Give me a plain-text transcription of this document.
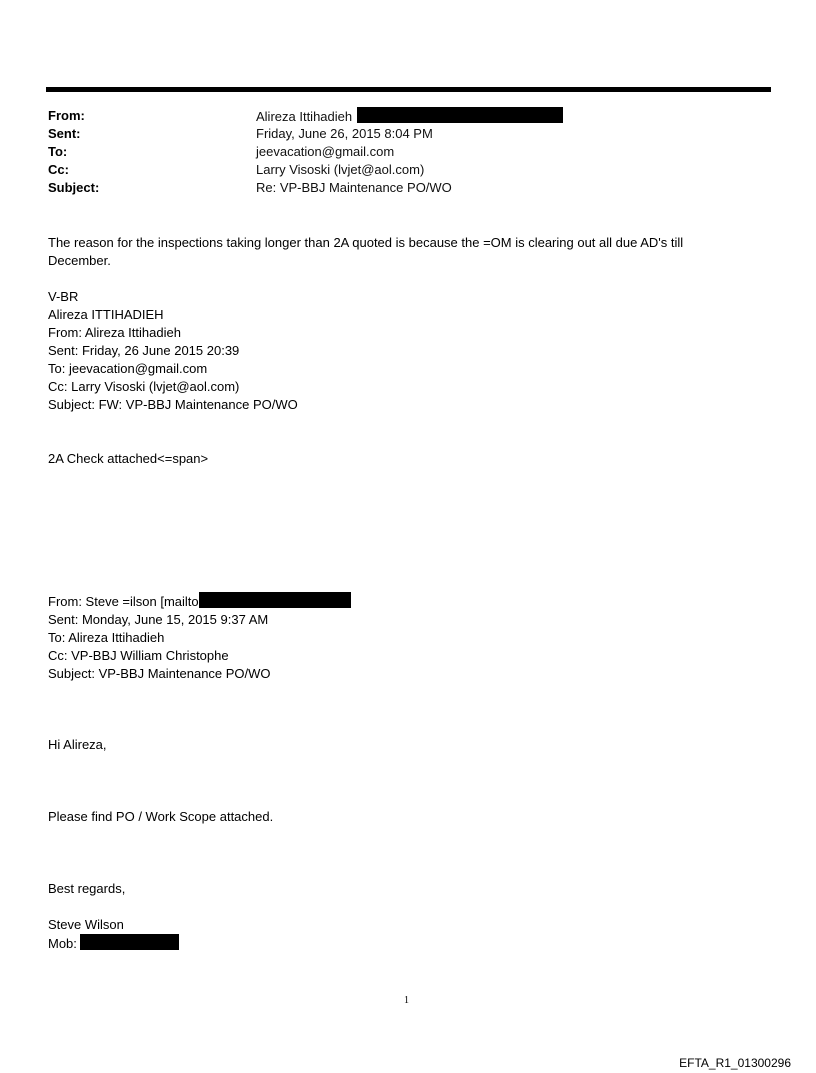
From:	Alireza Ittihadieh
Sent:	Friday, June 26, 2015 8:04 PM
To:	jeevacation@gmail.com
Cc:	Larry Visoski (lvjet@aol.com)
Subject:	Re: VP-BBJ Maintenance PO/WO
The reason for the inspections taking longer than 2A quoted is because the =OM is clearing out all due AD's till December.
V-BR
Alireza ITTIHADIEH
From: Alireza Ittihadieh
Sent: Friday, 26 June 2015 20:39
To: jeevacation@gmail.com
Cc: Larry Visoski (lvjet@aol.com)
Subject: FW: VP-BBJ Maintenance PO/WO
2A Check attached<=span>
From: Steve =ilson [mailto
Sent: Monday, June 15, 2015 9:37 AM
To: Alireza Ittihadieh
Cc: VP-BBJ William Christophe
Subject: VP-BBJ Maintenance PO/WO
Hi Alireza,
Please find PO / Work Scope attached.
Best regards,
Steve Wilson
Mob:
1
EFTA_R1_01300296
